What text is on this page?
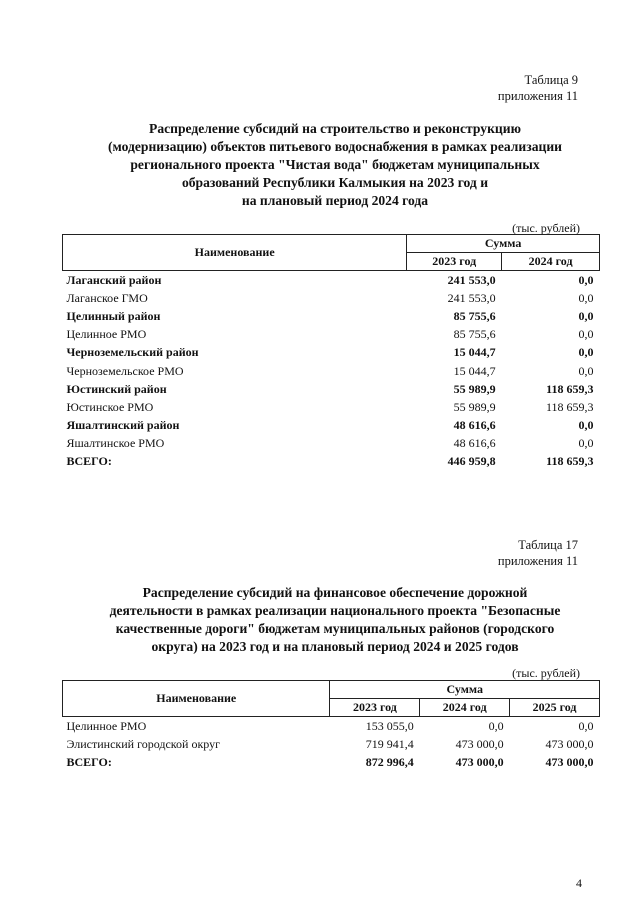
Таблица 9
приложения 11
Распределение субсидий на строительство и реконструкцию
(модернизацию) объектов питьевого водоснабжения в рамках реализации
регионального проекта "Чистая вода" бюджетам муниципальных
образований Республики Калмыкия на 2023 год и
на плановый период 2024 года
(тыс. рублей)
Наименование	Сумма	
	2023 год	2024 год
Лаганский район	241 553,0	0,0
Лаганское ГМО	241 553,0	0,0
Целинный район	85 755,6	0,0
Целинное РМО	85 755,6	0,0
Черноземельский район	15 044,7	0,0
Черноземельское РМО	15 044,7	0,0
Юстинский район	55 989,9	118 659,3
Юстинское РМО	55 989,9	118 659,3
Яшалтинский район	48 616,6	0,0
Яшалтинское РМО	48 616,6	0,0
ВСЕГО:	446 959,8	118 659,3
Таблица 17
приложения 11
Распределение субсидий на финансовое обеспечение дорожной
деятельности в рамках реализации национального проекта "Безопасные
качественные дороги" бюджетам муниципальных районов (городского
округа) на 2023 год и на плановый период 2024 и 2025 годов
(тыс. рублей)
Наименование	Сумма		
	2023 год	2024 год	2025 год
Целинное РМО	153 055,0	0,0	0,0
Элистинский городской округ	719 941,4	473 000,0	473 000,0
ВСЕГО:	872 996,4	473 000,0	473 000,0
4
